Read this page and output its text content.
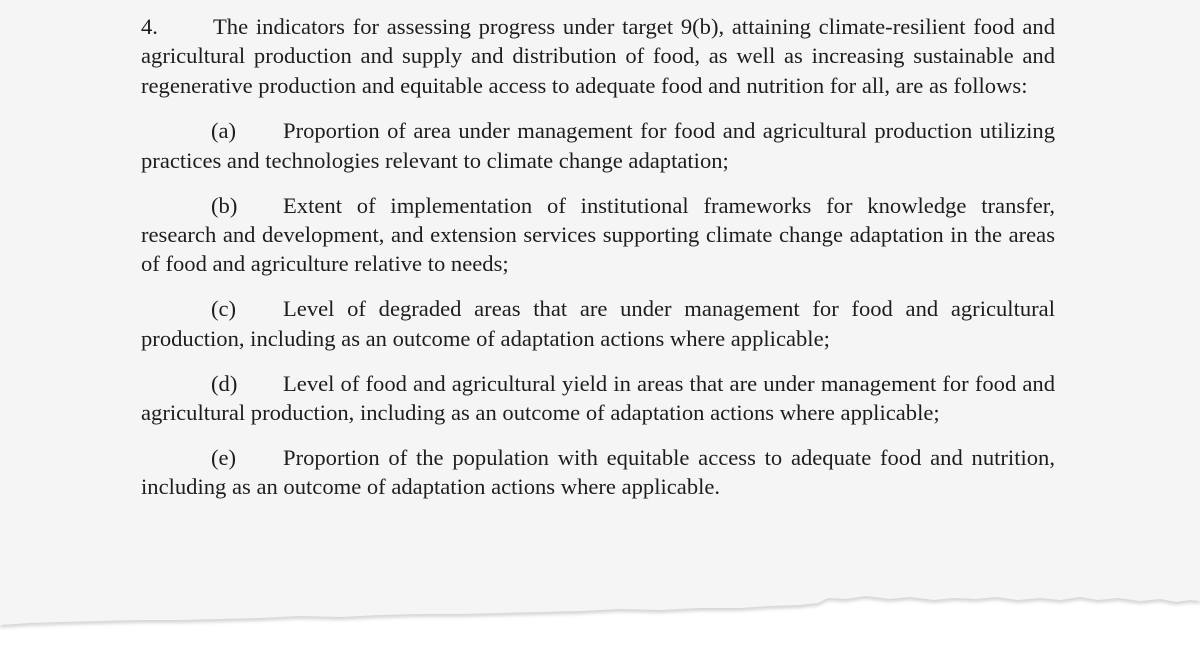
4. The indicators for assessing progress under target 9(b), attaining climate-resilient food and agricultural production and supply and distribution of food, as well as increasing sustainable and regenerative production and equitable access to adequate food and nutrition for all, are as follows:

(a) Proportion of area under management for food and agricultural production utilizing practices and technologies relevant to climate change adaptation;

(b) Extent of implementation of institutional frameworks for knowledge transfer, research and development, and extension services supporting climate change adaptation in the areas of food and agriculture relative to needs;

(c) Level of degraded areas that are under management for food and agricultural production, including as an outcome of adaptation actions where applicable;

(d) Level of food and agricultural yield in areas that are under management for food and agricultural production, including as an outcome of adaptation actions where applicable;

(e) Proportion of the population with equitable access to adequate food and nutrition, including as an outcome of adaptation actions where applicable.
